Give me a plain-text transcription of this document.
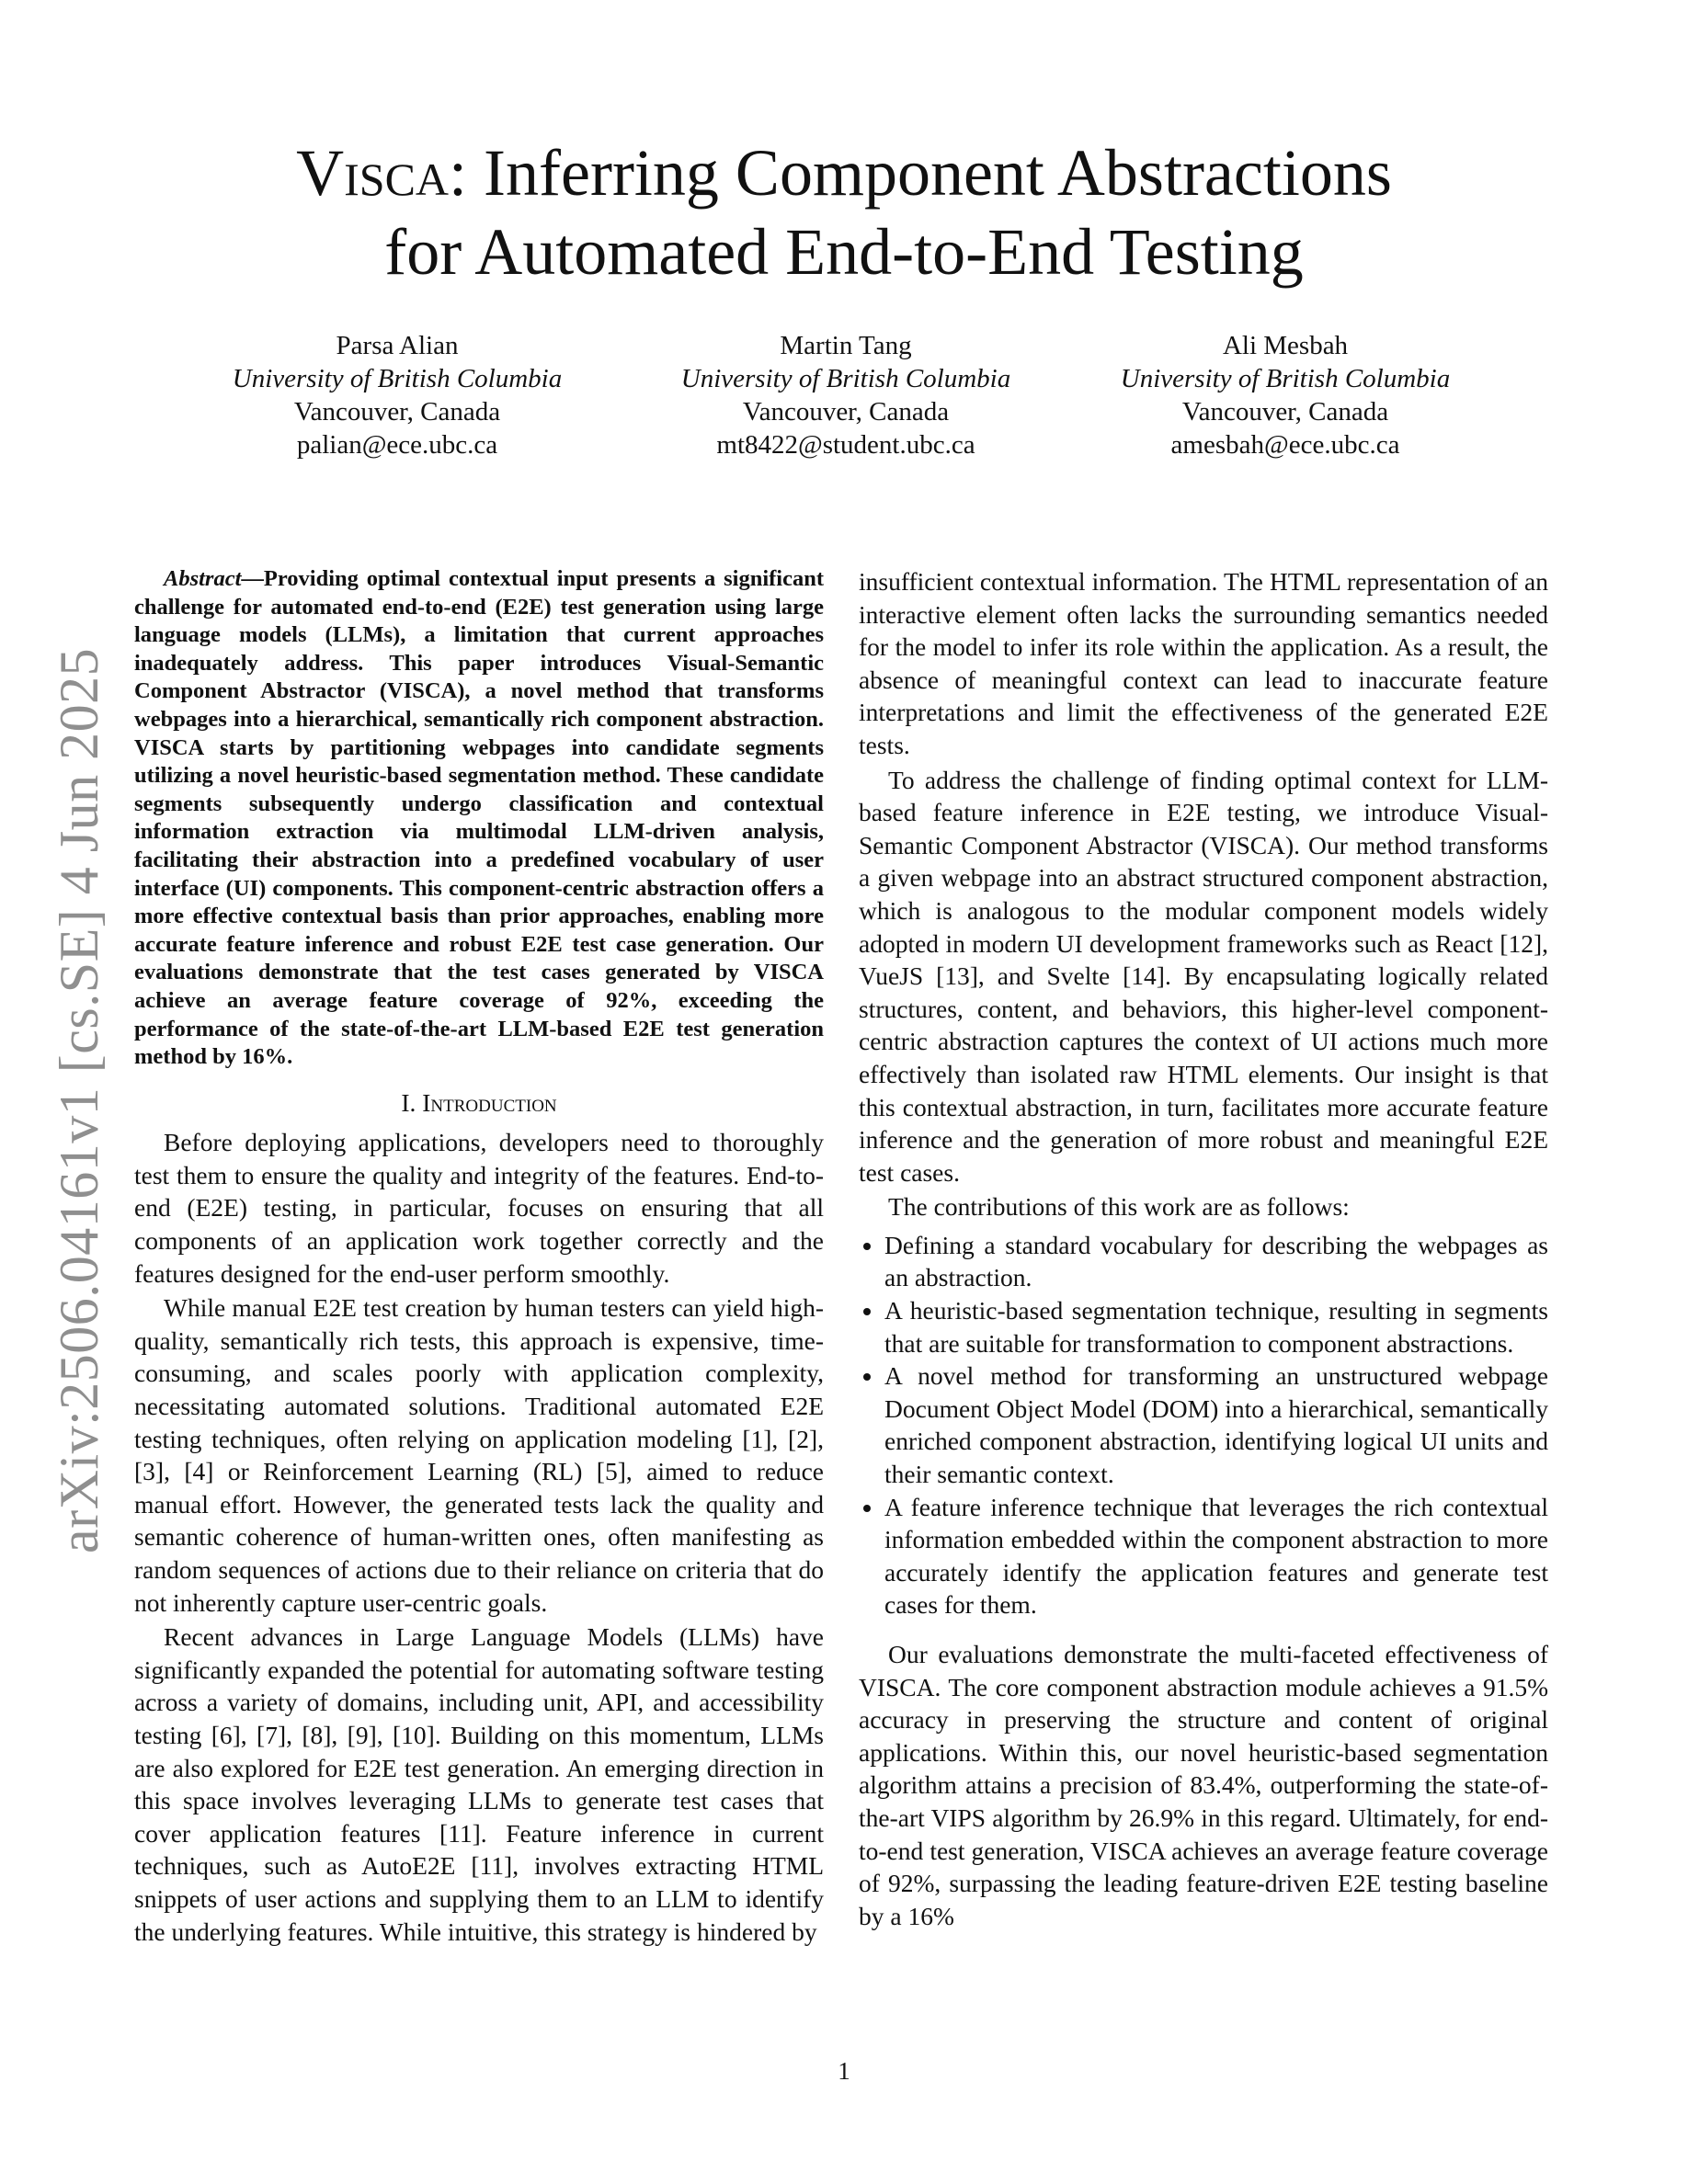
arXiv:2506.04161v1 [cs.SE] 4 Jun 2025
Visca: Inferring Component Abstractions
for Automated End-to-End Testing
Parsa Alian
University of British Columbia
Vancouver, Canada
palian@ece.ubc.ca
Martin Tang
University of British Columbia
Vancouver, Canada
mt8422@student.ubc.ca
Ali Mesbah
University of British Columbia
Vancouver, Canada
amesbah@ece.ubc.ca

Abstract—Providing optimal contextual input presents a significant challenge for automated end-to-end (E2E) test generation using large language models (LLMs), a limitation that current approaches inadequately address. This paper introduces Visual-Semantic Component Abstractor (VISCA), a novel method that transforms webpages into a hierarchical, semantically rich component abstraction. VISCA starts by partitioning webpages into candidate segments utilizing a novel heuristic-based segmentation method. These candidate segments subsequently undergo classification and contextual information extraction via multimodal LLM-driven analysis, facilitating their abstraction into a predefined vocabulary of user interface (UI) components. This component-centric abstraction offers a more effective contextual basis than prior approaches, enabling more accurate feature inference and robust E2E test case generation. Our evaluations demonstrate that the test cases generated by VISCA achieve an average feature coverage of 92%, exceeding the performance of the state-of-the-art LLM-based E2E test generation method by 16%.

I. Introduction

Before deploying applications, developers need to thoroughly test them to ensure the quality and integrity of the features. End-to-end (E2E) testing, in particular, focuses on ensuring that all components of an application work together correctly and the features designed for the end-user perform smoothly.

While manual E2E test creation by human testers can yield high-quality, semantically rich tests, this approach is expensive, time-consuming, and scales poorly with application complexity, necessitating automated solutions. Traditional automated E2E testing techniques, often relying on application modeling [1], [2], [3], [4] or Reinforcement Learning (RL) [5], aimed to reduce manual effort. However, the generated tests lack the quality and semantic coherence of human-written ones, often manifesting as random sequences of actions due to their reliance on criteria that do not inherently capture user-centric goals.

Recent advances in Large Language Models (LLMs) have significantly expanded the potential for automating software testing across a variety of domains, including unit, API, and accessibility testing [6], [7], [8], [9], [10]. Building on this momentum, LLMs are also explored for E2E test generation. An emerging direction in this space involves leveraging LLMs to generate test cases that cover application features [11]. Feature inference in current techniques, such as AutoE2E [11], involves extracting HTML snippets of user actions and supplying them to an LLM to identify the underlying features. While intuitive, this strategy is hindered by

insufficient contextual information. The HTML representation of an interactive element often lacks the surrounding semantics needed for the model to infer its role within the application. As a result, the absence of meaningful context can lead to inaccurate feature interpretations and limit the effectiveness of the generated E2E tests.

To address the challenge of finding optimal context for LLM-based feature inference in E2E testing, we introduce Visual-Semantic Component Abstractor (VISCA). Our method transforms a given webpage into an abstract structured component abstraction, which is analogous to the modular component models widely adopted in modern UI development frameworks such as React [12], VueJS [13], and Svelte [14]. By encapsulating logically related structures, content, and behaviors, this higher-level component-centric abstraction captures the context of UI actions much more effectively than isolated raw HTML elements. Our insight is that this contextual abstraction, in turn, facilitates more accurate feature inference and the generation of more robust and meaningful E2E test cases.

The contributions of this work are as follows:

• Defining a standard vocabulary for describing the webpages as an abstraction.
• A heuristic-based segmentation technique, resulting in segments that are suitable for transformation to component abstractions.
• A novel method for transforming an unstructured webpage Document Object Model (DOM) into a hierarchical, semantically enriched component abstraction, identifying logical UI units and their semantic context.
• A feature inference technique that leverages the rich contextual information embedded within the component abstraction to more accurately identify the application features and generate test cases for them.

Our evaluations demonstrate the multi-faceted effectiveness of VISCA. The core component abstraction module achieves a 91.5% accuracy in preserving the structure and content of original applications. Within this, our novel heuristic-based segmentation algorithm attains a precision of 83.4%, outperforming the state-of-the-art VIPS algorithm by 26.9% in this regard. Ultimately, for end-to-end test generation, VISCA achieves an average feature coverage of 92%, surpassing the leading feature-driven E2E testing baseline by a 16%

1
